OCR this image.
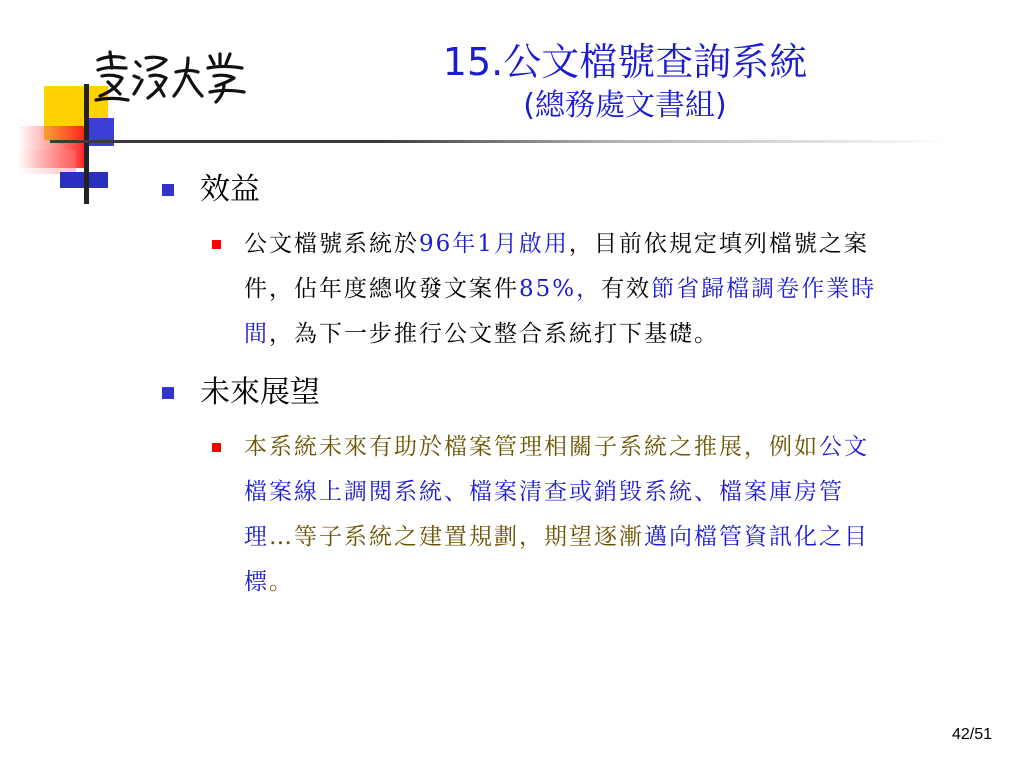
15.公文檔號查詢系統
(總務處文書組)
效益
公文檔號系統於96年1月啟用，目前依規定填列檔號之案件，佔年度總收發文案件85%，有效節省歸檔調卷作業時間，為下一步推行公文整合系統打下基礎。
未來展望
本系統未來有助於檔案管理相關子系統之推展，例如公文檔案線上調閱系統、檔案清查或銷毀系統、檔案庫房管理…等子系統之建置規劃，期望逐漸邁向檔管資訊化之目標。
42/51
